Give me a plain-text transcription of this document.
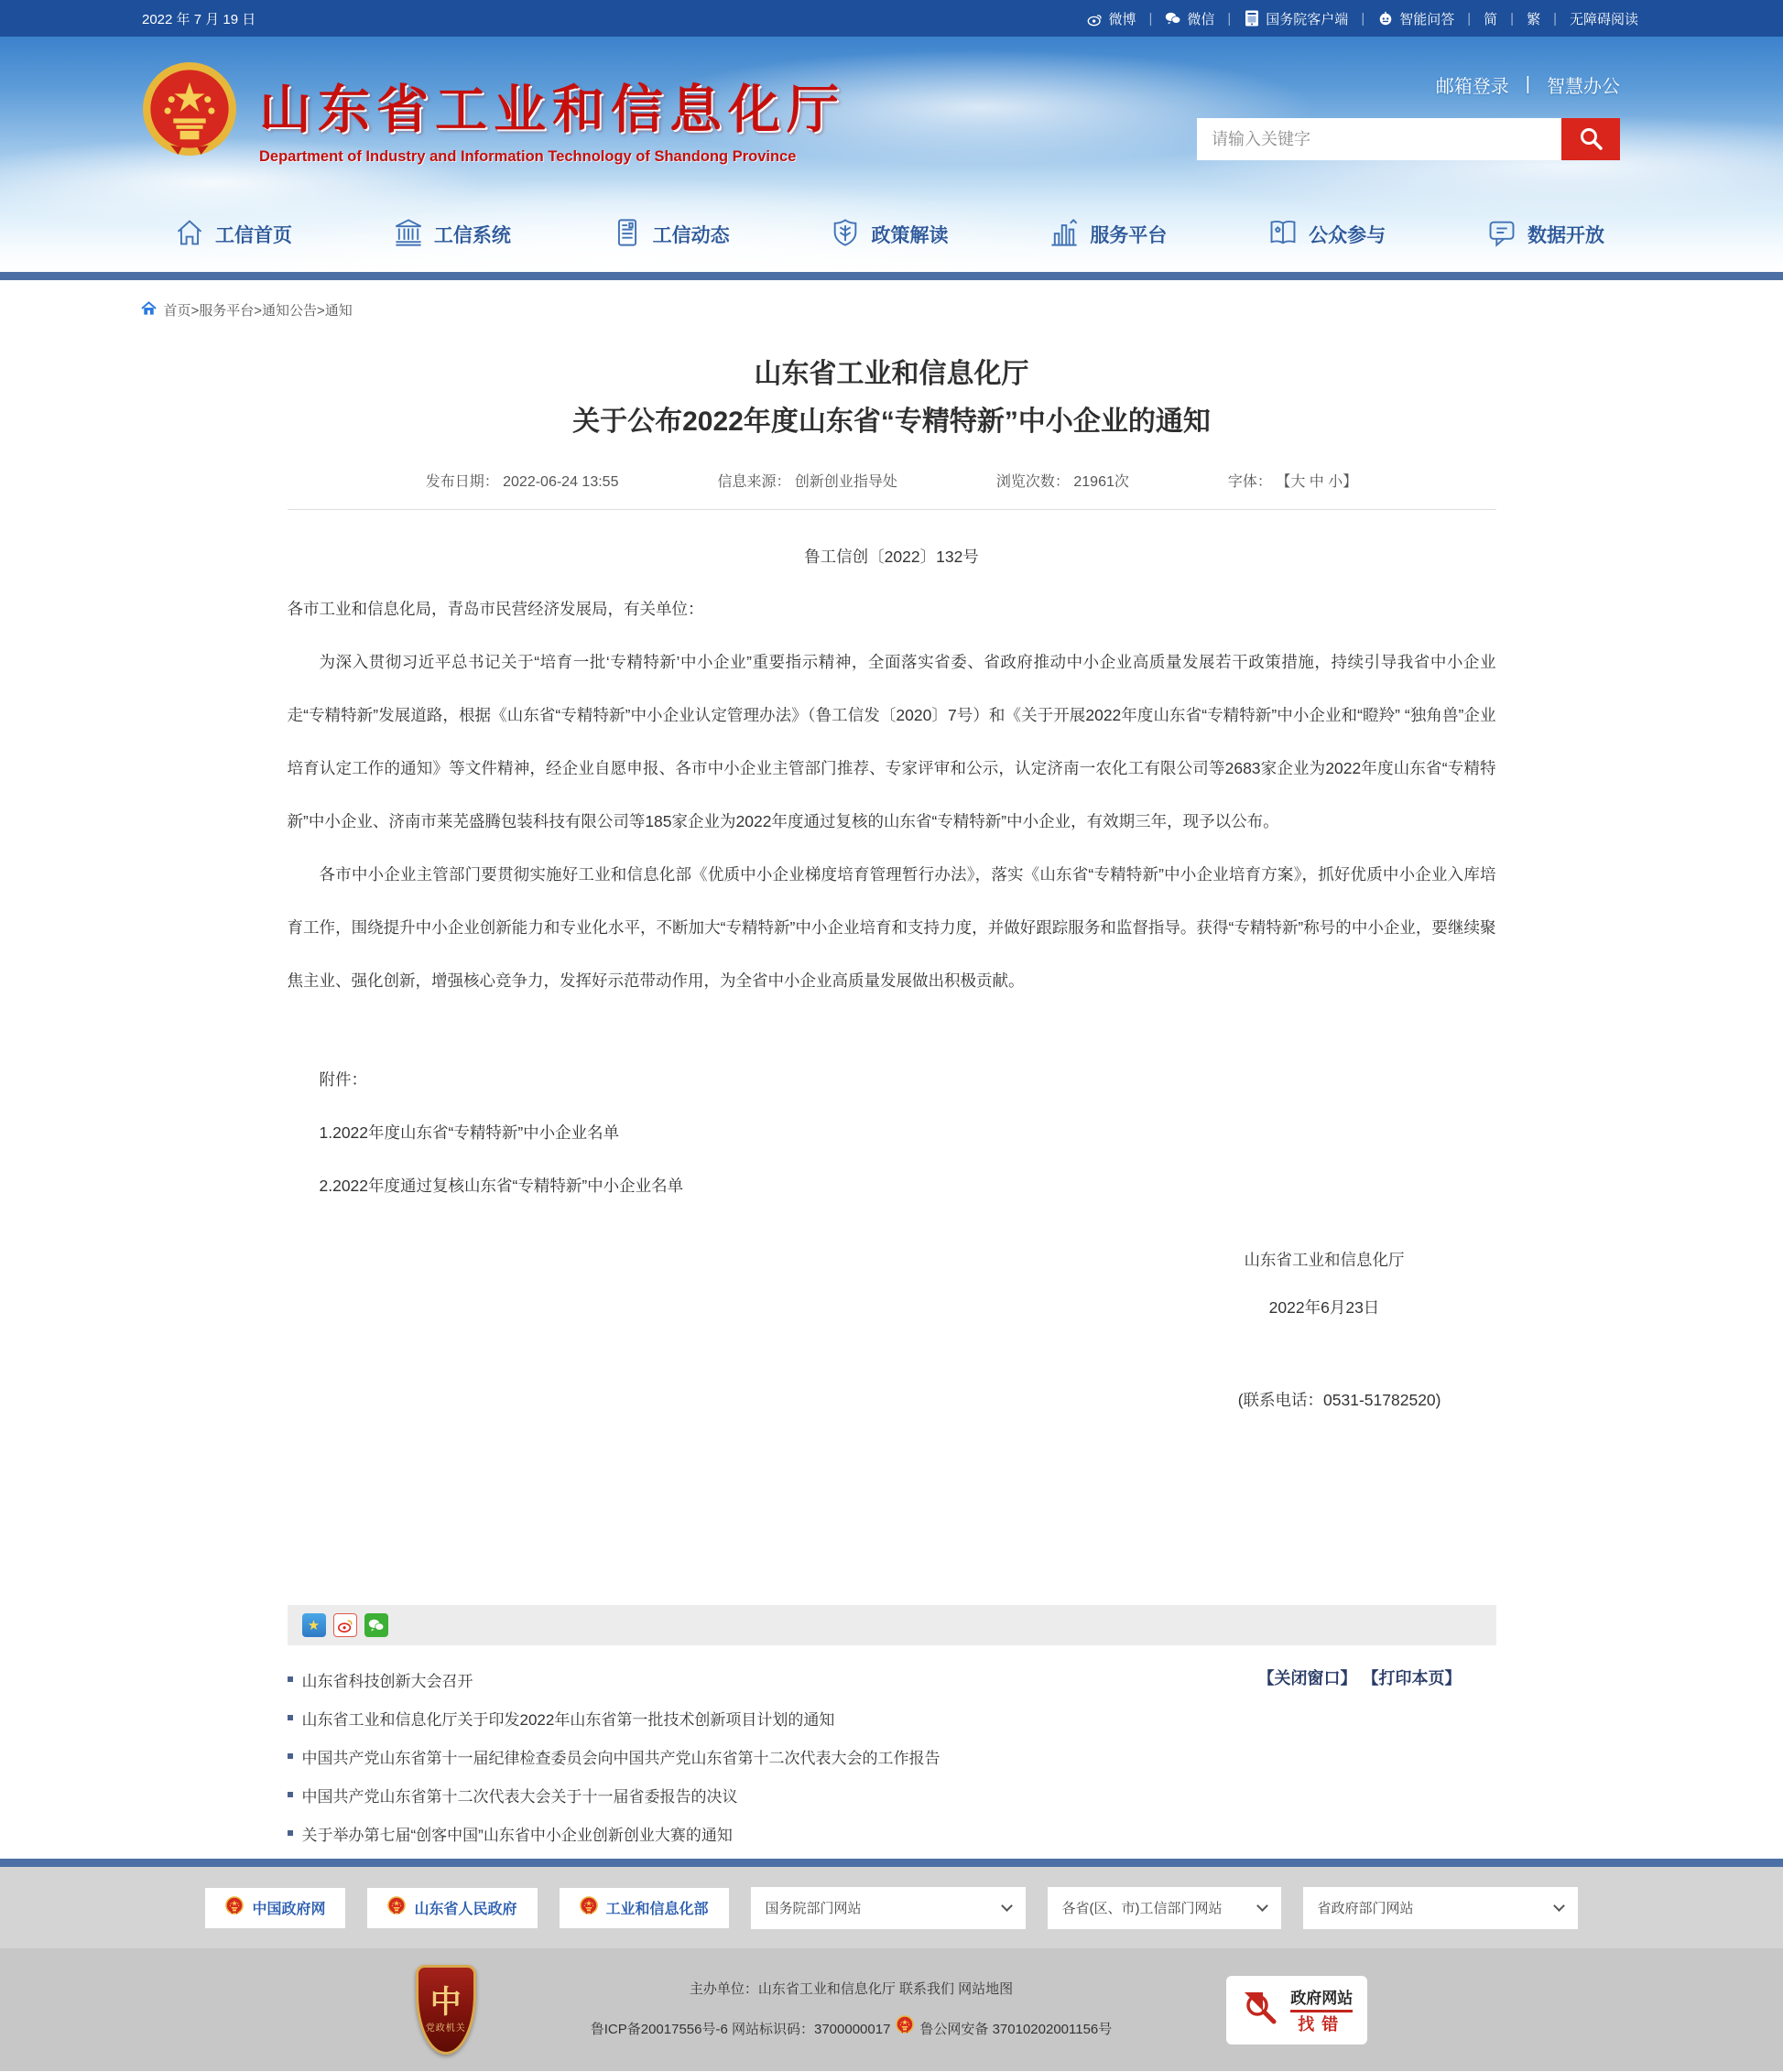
2022 年 7 月 19 日	微博 |	微信 |	国务院客户端 |	智能问答 | 简 | 繁 | 无障碍阅读
山东省工业和信息化厅
Department of Industry and Information Technology of Shandong Province
邮箱登录 | 智慧办公
请输入关键字
工信首页	工信系统	工信动态	政策解读	服务平台	公众参与	数据开放
首页>服务平台>通知公告>通知
山东省工业和信息化厅
关于公布2022年度山东省“专精特新”中小企业的通知
发布日期： 2022-06-24 13:55	信息来源： 创新创业指导处	浏览次数： 21961次	字体： 【大 中 小】
鲁工信创〔2022〕132号

各市工业和信息化局，青岛市民营经济发展局，有关单位：

为深入贯彻习近平总书记关于“培育一批‘专精特新’中小企业”重要指示精神，全面落实省委、省政府推动中小企业高质量发展若干政策措施，持续引导我省中小企业走“专精特新”发展道路，根据《山东省“专精特新”中小企业认定管理办法》（鲁工信发〔2020〕7号）和《关于开展2022年度山东省“专精特新”中小企业和“瞪羚” “独角兽”企业培育认定工作的通知》等文件精神，经企业自愿申报、各市中小企业主管部门推荐、专家评审和公示，认定济南一农化工有限公司等2683家企业为2022年度山东省“专精特新”中小企业、济南市莱芜盛腾包装科技有限公司等185家企业为2022年度通过复核的山东省“专精特新”中小企业，有效期三年，现予以公布。

各市中小企业主管部门要贯彻实施好工业和信息化部《优质中小企业梯度培育管理暂行办法》，落实《山东省“专精特新”中小企业培育方案》，抓好优质中小企业入库培育工作，围绕提升中小企业创新能力和专业化水平，不断加大“专精特新”中小企业培育和支持力度，并做好跟踪服务和监督指导。获得“专精特新”称号的中小企业，要继续聚焦主业、强化创新，增强核心竞争力，发挥好示范带动作用，为全省中小企业高质量发展做出积极贡献。

附件：
1.2022年度山东省“专精特新”中小企业名单
2.2022年度通过复核山东省“专精特新”中小企业名单
山东省工业和信息化厅
2022年6月23日
(联系电话：0531-51782520)
★
【关闭窗口】 【打印本页】
山东省科技创新大会召开
山东省工业和信息化厅关于印发2022年山东省第一批技术创新项目计划的通知
中国共产党山东省第十一届纪律检查委员会向中国共产党山东省第十二次代表大会的工作报告
中国共产党山东省第十二次代表大会关于十一届省委报告的决议
关于举办第七届“创客中国”山东省中小企业创新创业大赛的通知
中国政府网	山东省人民政府	工业和信息化部	国务院部门网站	各省(区、市)工信部门网站	省政府部门网站
中
党政机关
主办单位：山东省工业和信息化厅 联系我们 网站地图
鲁ICP备20017556号-6 网站标识码：3700000017 鲁公网安备 37010202001156号
政府网站
找错
